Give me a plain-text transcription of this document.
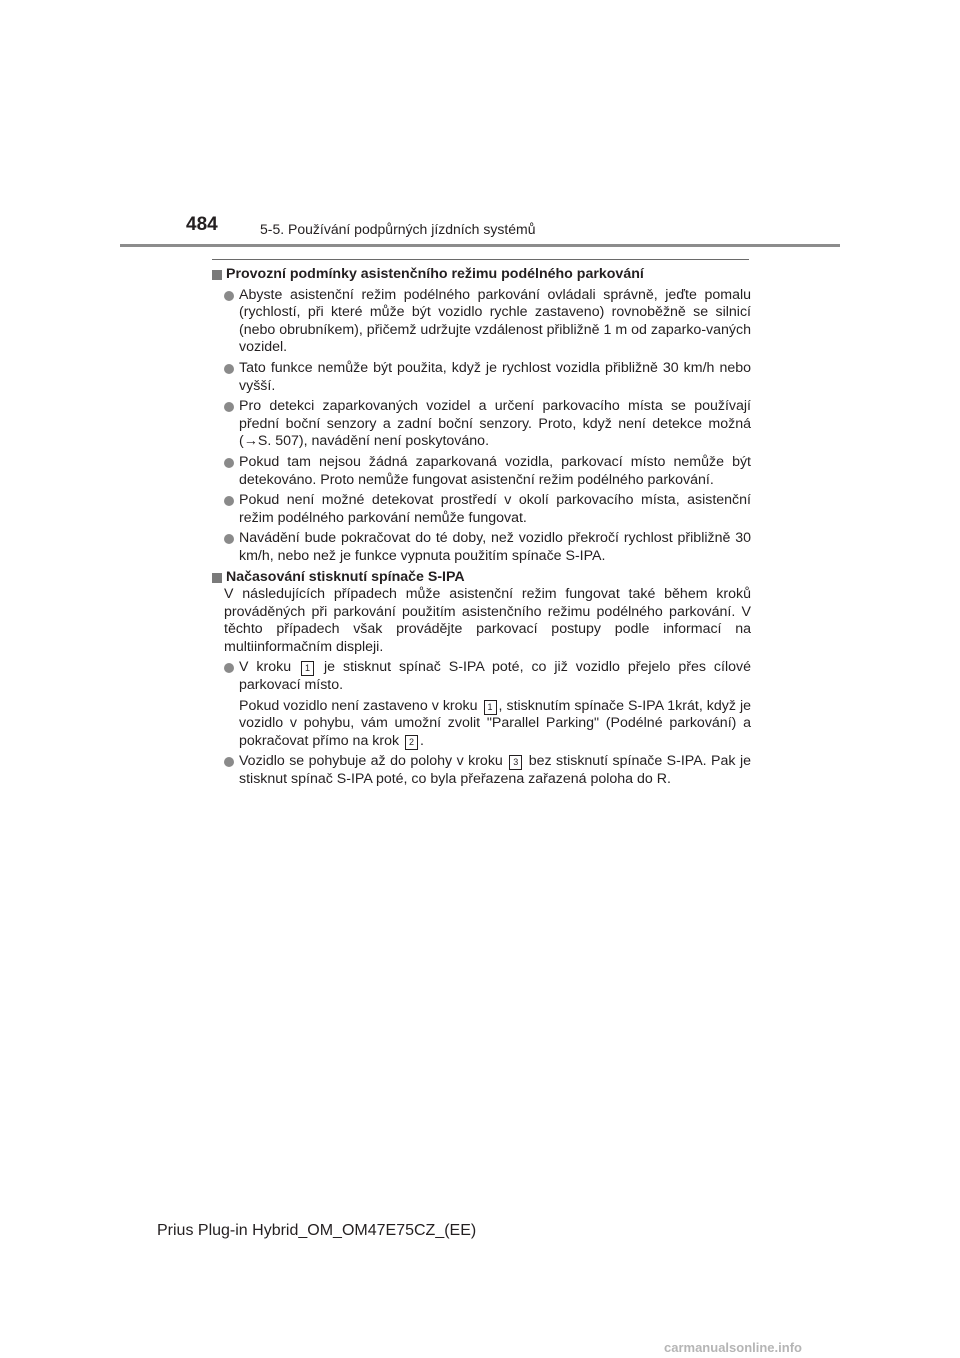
484	5-5. Používání podpůrných jízdních systémů
Provozní podmínky asistenčního režimu podélného parkování
Abyste asistenční režim podélného parkování ovládali správně, jeďte pomalu (rychlostí, při které může být vozidlo rychle zastaveno) rovnoběžně se silnicí (nebo obrubníkem), přičemž udržujte vzdálenost přibližně 1 m od zaparko-vaných vozidel.
Tato funkce nemůže být použita, když je rychlost vozidla přibližně 30 km/h nebo vyšší.
Pro detekci zaparkovaných vozidel a určení parkovacího místa se používají přední boční senzory a zadní boční senzory. Proto, když není detekce možná (→S. 507), navádění není poskytováno.
Pokud tam nejsou žádná zaparkovaná vozidla, parkovací místo nemůže být detekováno. Proto nemůže fungovat asistenční režim podélného parkování.
Pokud není možné detekovat prostředí v okolí parkovacího místa, asistenční režim podélného parkování nemůže fungovat.
Navádění bude pokračovat do té doby, než vozidlo překročí rychlost přibližně 30 km/h, nebo než je funkce vypnuta použitím spínače S-IPA.
Načasování stisknutí spínače S-IPA

V následujících případech může asistenční režim fungovat také během kroků prováděných při parkování použitím asistenčního režimu podélného parkování. V těchto případech však provádějte parkovací postupy podle informací na multiinformačním displeji.

V kroku 1 je stisknut spínač S-IPA poté, co již vozidlo přejelo přes cílové parkovací místo.

Pokud vozidlo není zastaveno v kroku 1 , stisknutím spínače S-IPA 1krát, když je vozidlo v pohybu, vám umožní zvolit "Parallel Parking" (Podélné parkování) a pokračovat přímo na krok 2 .

Vozidlo se pohybuje až do polohy v kroku 3 bez stisknutí spínače S-IPA. Pak je stisknut spínač S-IPA poté, co byla přeřazena zařazená poloha do R.
Prius Plug-in Hybrid_OM_OM47E75CZ_(EE)
carmanualsonline.info
